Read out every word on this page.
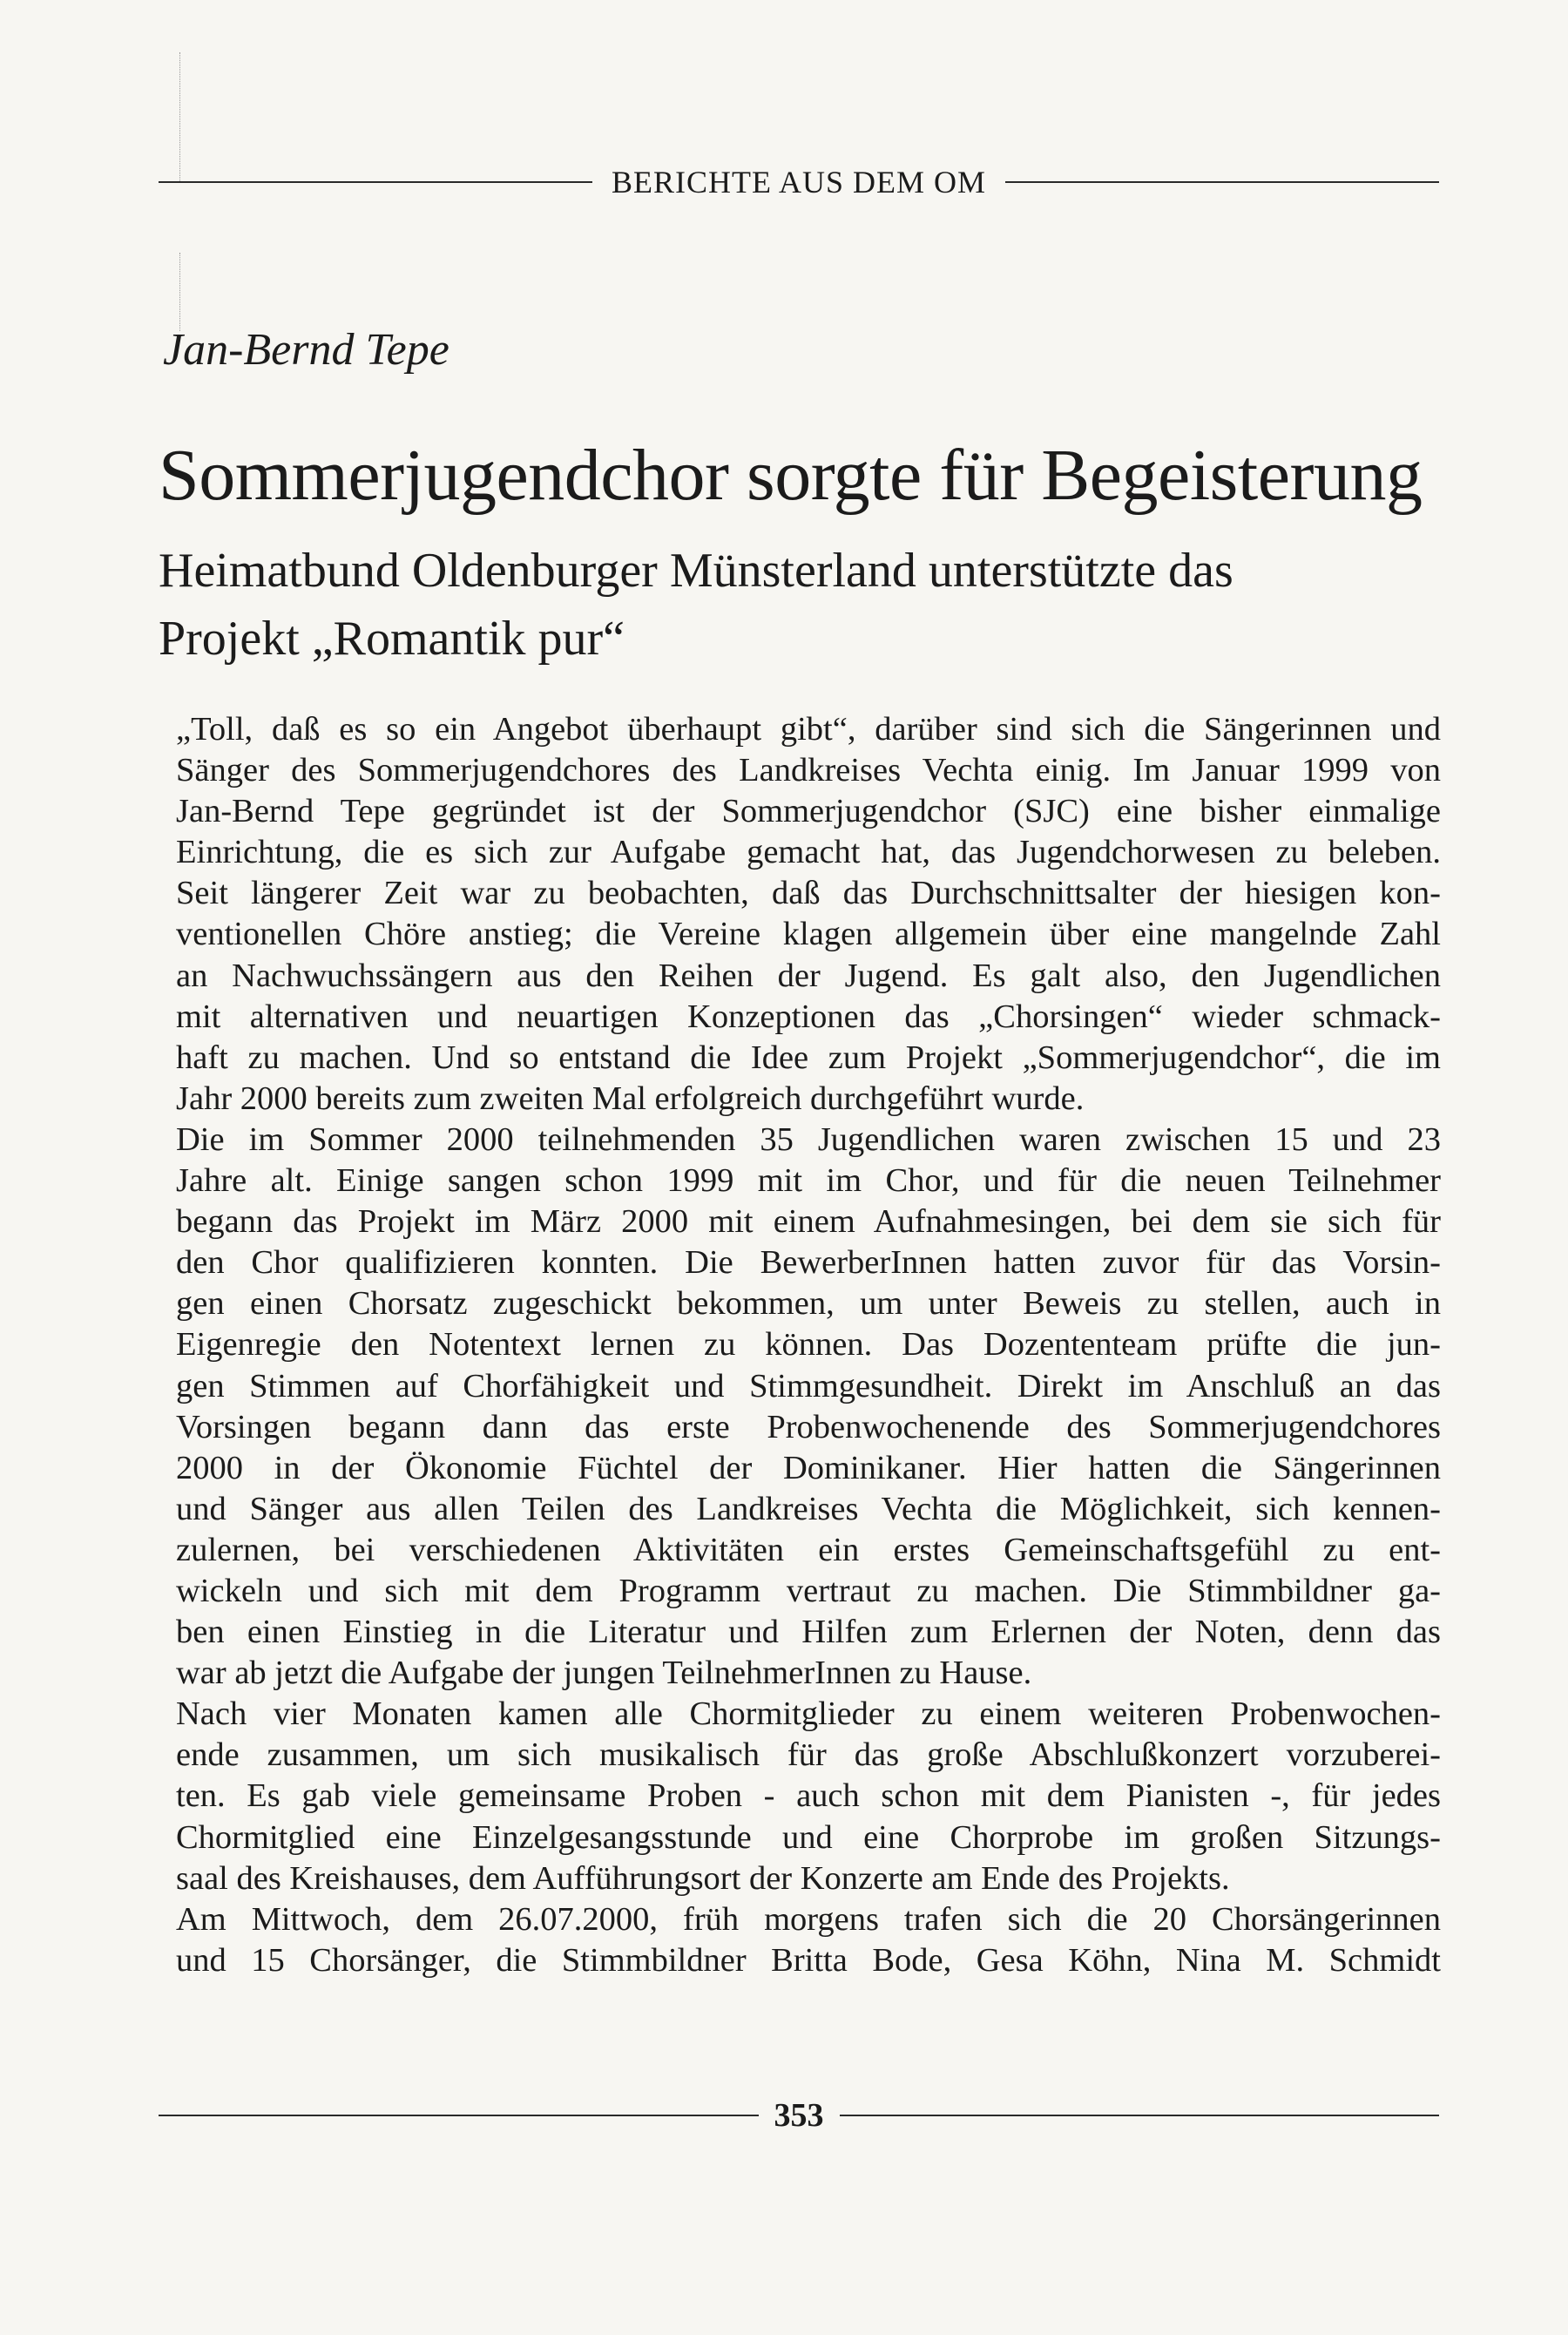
BERICHTE AUS DEM OM
Jan-Bernd Tepe
Sommerjugendchor sorgte für Begeisterung
Heimatbund Oldenburger Münsterland unterstützte das
Projekt „Romantik pur“
„Toll, daß es so ein Angebot überhaupt gibt“, darüber sind sich die Sängerinnen und
Sänger des Sommerjugendchores des Landkreises Vechta einig. Im Januar 1999 von
Jan-Bernd Tepe gegründet ist der Sommerjugendchor (SJC) eine bisher einmalige
Einrichtung, die es sich zur Aufgabe gemacht hat, das Jugendchorwesen zu beleben.
Seit längerer Zeit war zu beobachten, daß das Durchschnittsalter der hiesigen kon-
ventionellen Chöre anstieg; die Vereine klagen allgemein über eine mangelnde Zahl
an Nachwuchssängern aus den Reihen der Jugend. Es galt also, den Jugendlichen
mit alternativen und neuartigen Konzeptionen das „Chorsingen“ wieder schmack-
haft zu machen. Und so entstand die Idee zum Projekt „Sommerjugendchor“, die im
Jahr 2000 bereits zum zweiten Mal erfolgreich durchgeführt wurde.
Die im Sommer 2000 teilnehmenden 35 Jugendlichen waren zwischen 15 und 23
Jahre alt. Einige sangen schon 1999 mit im Chor, und für die neuen Teilnehmer
begann das Projekt im März 2000 mit einem Aufnahmesingen, bei dem sie sich für
den Chor qualifizieren konnten. Die BewerberInnen hatten zuvor für das Vorsin-
gen einen Chorsatz zugeschickt bekommen, um unter Beweis zu stellen, auch in
Eigenregie den Notentext lernen zu können. Das Dozententeam prüfte die jun-
gen Stimmen auf Chorfähigkeit und Stimmgesundheit. Direkt im Anschluß an das
Vorsingen begann dann das erste Probenwochenende des Sommerjugendchores
2000 in der Ökonomie Füchtel der Dominikaner. Hier hatten die Sängerinnen
und Sänger aus allen Teilen des Landkreises Vechta die Möglichkeit, sich kennen-
zulernen, bei verschiedenen Aktivitäten ein erstes Gemeinschaftsgefühl zu ent-
wickeln und sich mit dem Programm vertraut zu machen. Die Stimmbildner ga-
ben einen Einstieg in die Literatur und Hilfen zum Erlernen der Noten, denn das
war ab jetzt die Aufgabe der jungen TeilnehmerInnen zu Hause.
Nach vier Monaten kamen alle Chormitglieder zu einem weiteren Probenwochen-
ende zusammen, um sich musikalisch für das große Abschlußkonzert vorzuberei-
ten. Es gab viele gemeinsame Proben - auch schon mit dem Pianisten -, für jedes
Chormitglied eine Einzelgesangsstunde und eine Chorprobe im großen Sitzungs-
saal des Kreishauses, dem Aufführungsort der Konzerte am Ende des Projekts.
Am Mittwoch, dem 26.07.2000, früh morgens trafen sich die 20 Chorsängerinnen
und 15 Chorsänger, die Stimmbildner Britta Bode, Gesa Köhn, Nina M. Schmidt
353
